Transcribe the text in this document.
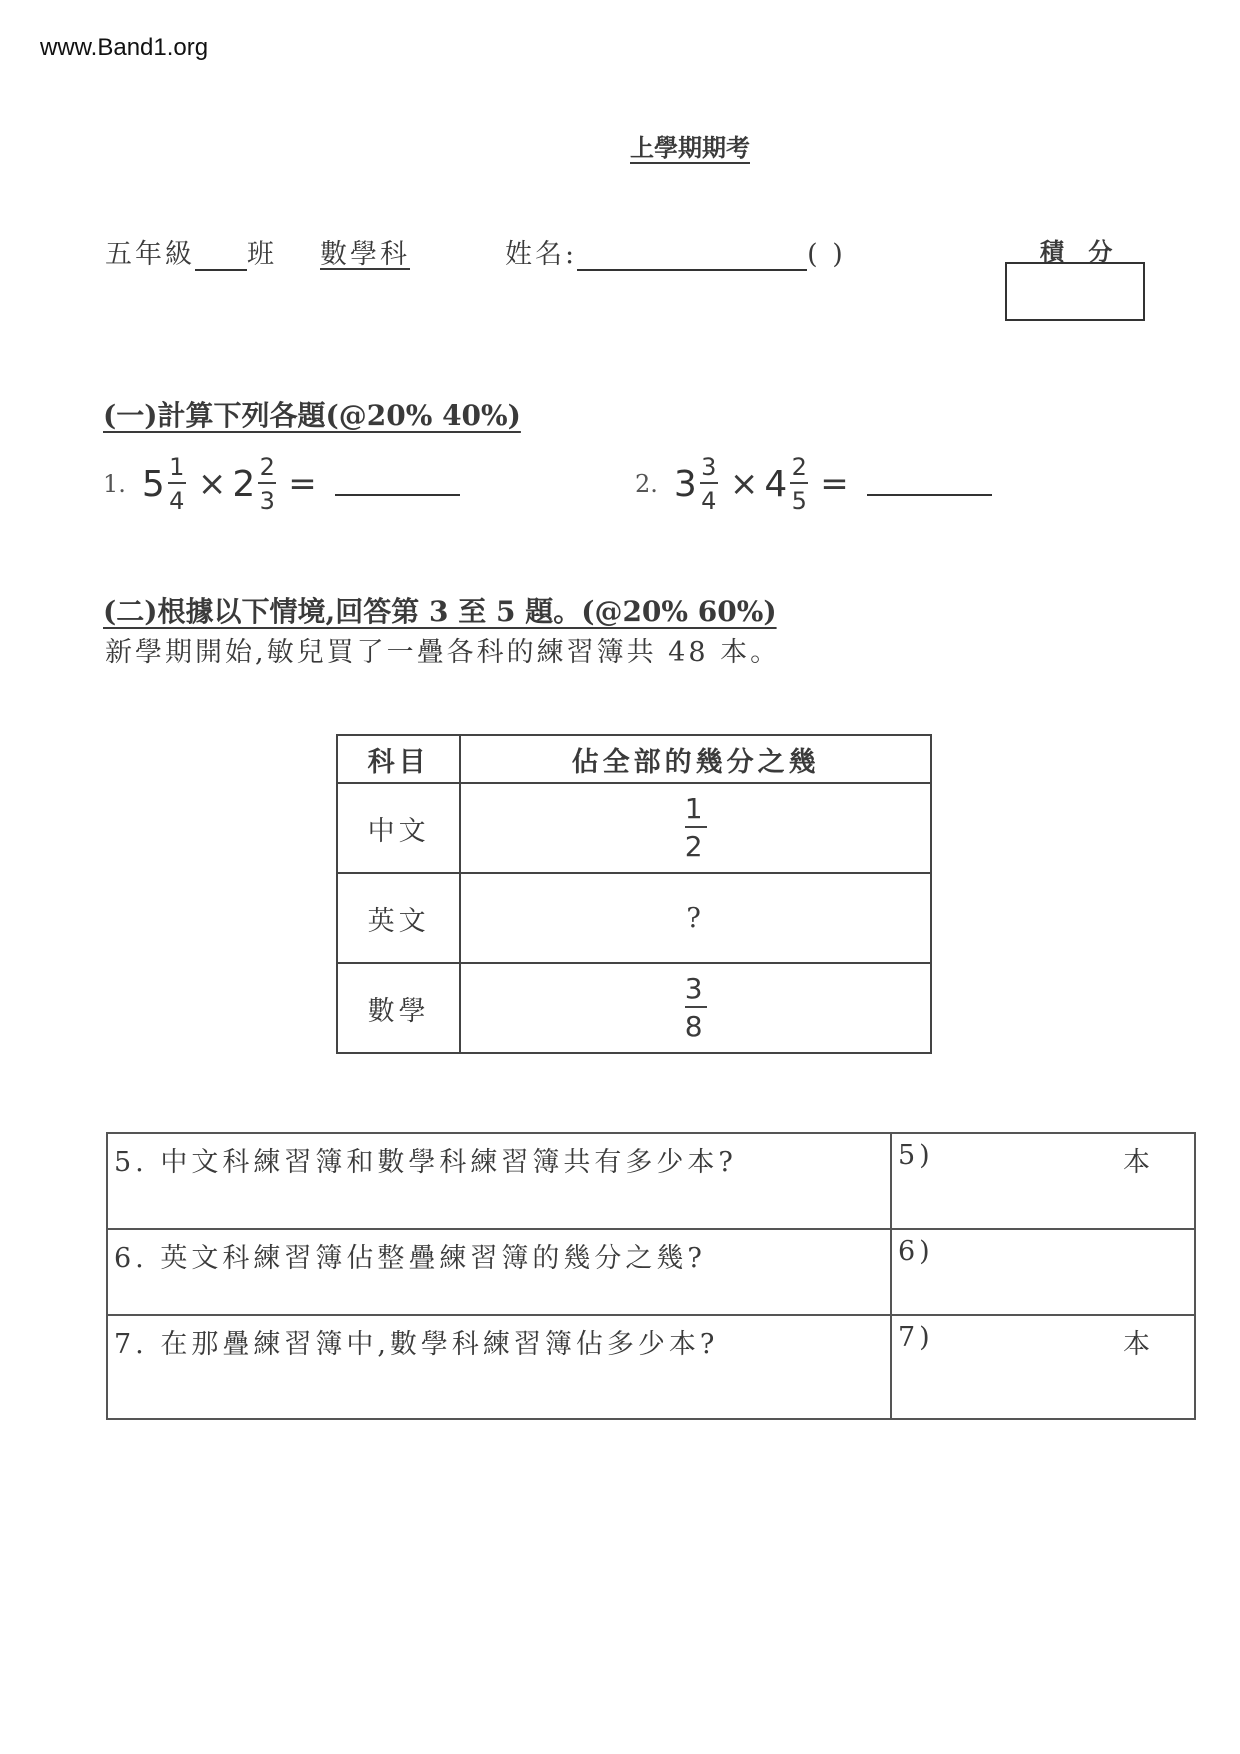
www.Band1.org
上學期期考
五年級 班 數學科	姓名:	( )	積 分
(一)計算下列各題(@20% 40%)
1. $5 \frac{1}{4} \times 2 \frac{2}{3}$ =	2. $3 \frac{3}{4} \times 4 \frac{2}{5}$ =
(二)根據以下情境,回答第 3 至 5 題。(@20% 60%)
新學期開始,敏兒買了一疊各科的練習簿共 48 本。
科目	佔全部的幾分之幾
中文	$\frac{1}{2}$

英文	?
數學	$\frac{3}{8}$
5. 中文科練習簿和數學科練習簿共有多少本?	5) 本

6. 英文科練習簿佔整疊練習簿的幾分之幾?	6)

7. 在那疊練習簿中,數學科練習簿佔多少本?	7) 本
